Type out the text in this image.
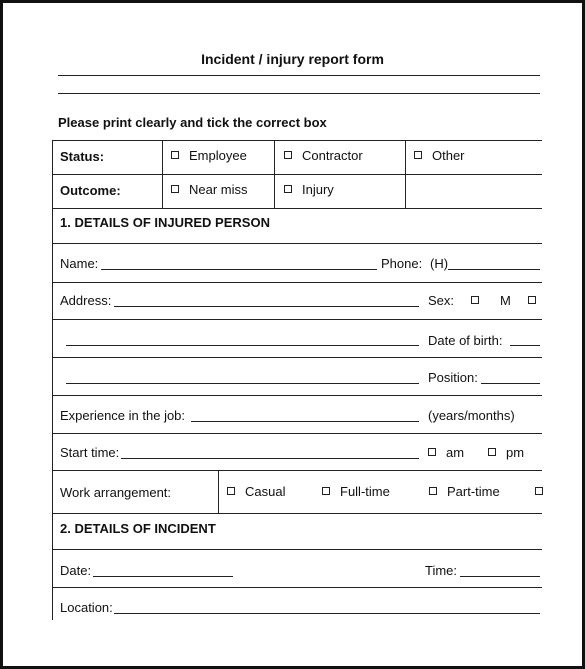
Incident / injury report form
Please print clearly and tick the correct box
Status:	Employee	Contractor	Other
Outcome:	Near miss	Injury
1. DETAILS OF INJURED PERSON
Name:	Phone: (H)
Address:	Sex:	M
Date of birth:
Position:
Experience in the job:	(years/months)
Start time:	am	pm
Work arrangement:	Casual	Full-time	Part-time
2. DETAILS OF INCIDENT
Date:	Time:
Location:
